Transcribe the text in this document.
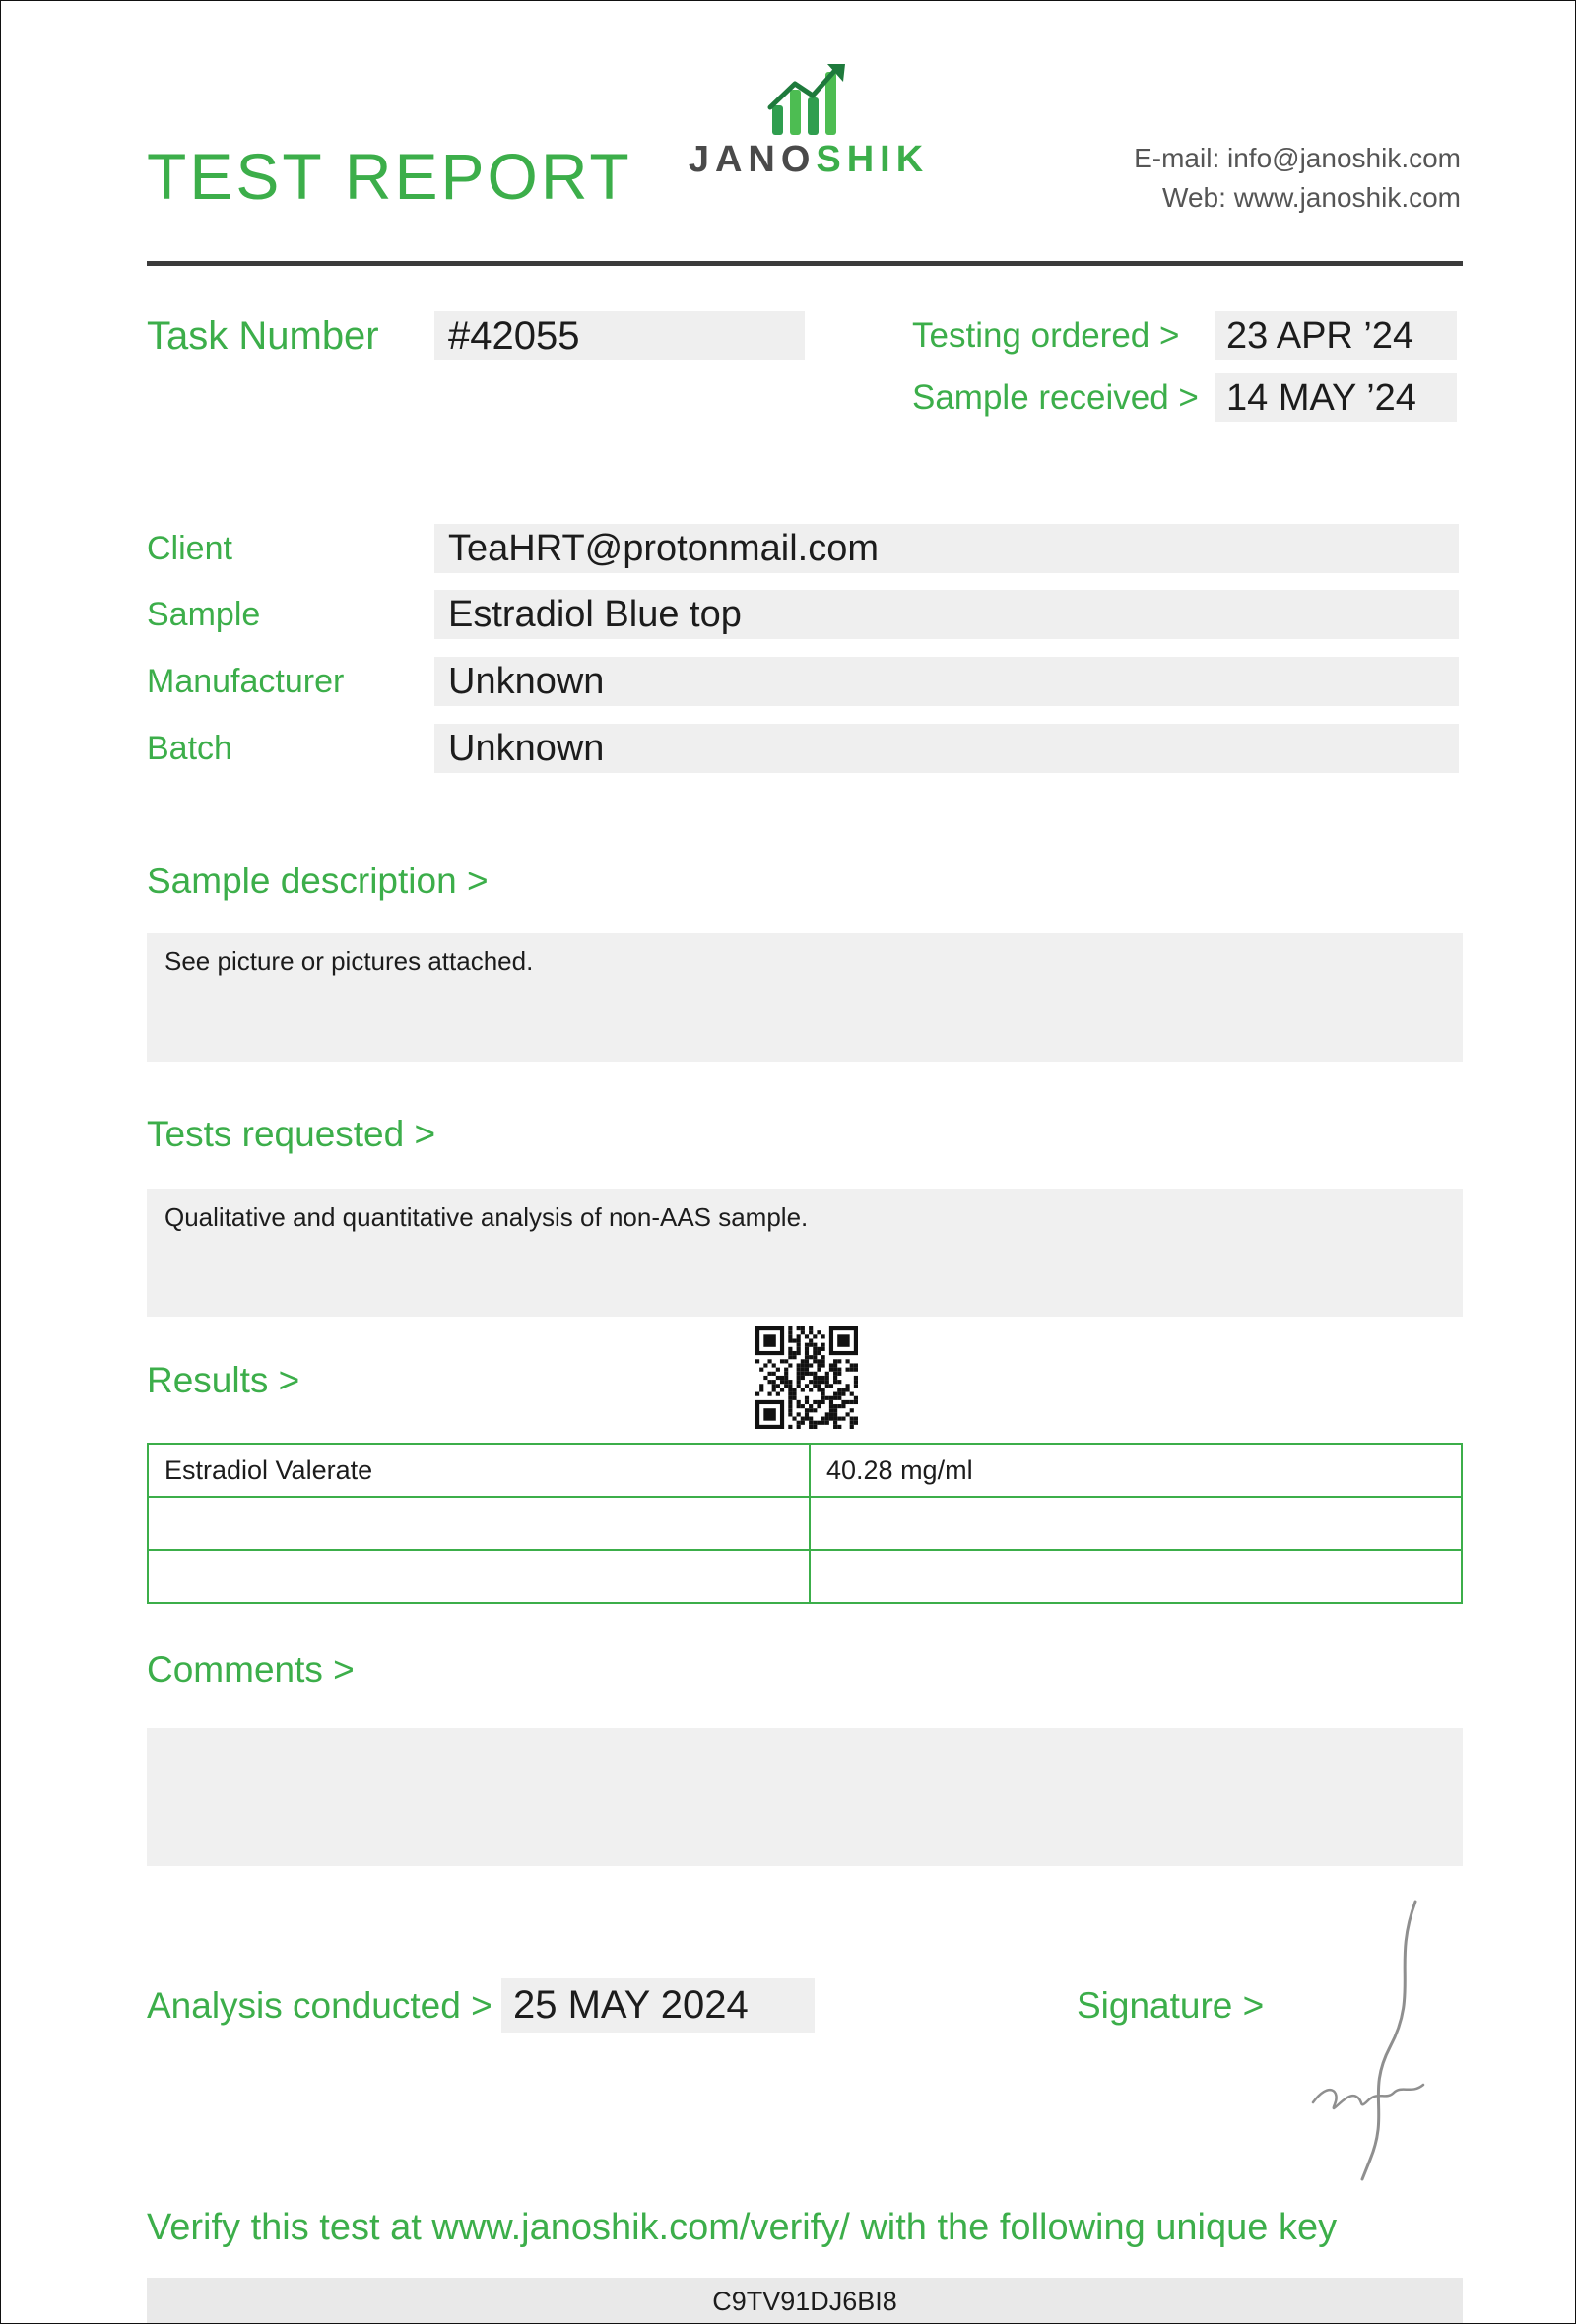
TEST REPORT JANOSHIK	E-mail: info@janoshik.com
Web: www.janoshik.com
Task Number	#42055	Testing ordered >	23 APR ’24
Sample received > 14 MAY ’24
Client	TeaHRT@protonmail.com
Sample	Estradiol Blue top
Manufacturer	Unknown
Batch	Unknown
Sample description >
See picture or pictures attached.
Tests requested >
Qualitative and quantitative analysis of non-AAS sample.
Results >
Estradiol Valerate	40.28 mg/ml

Comments >
Analysis conducted > 25 MAY 2024	Signature >
Verify this test at www.janoshik.com/verify/ with the following unique key
C9TV91DJ6BI8
